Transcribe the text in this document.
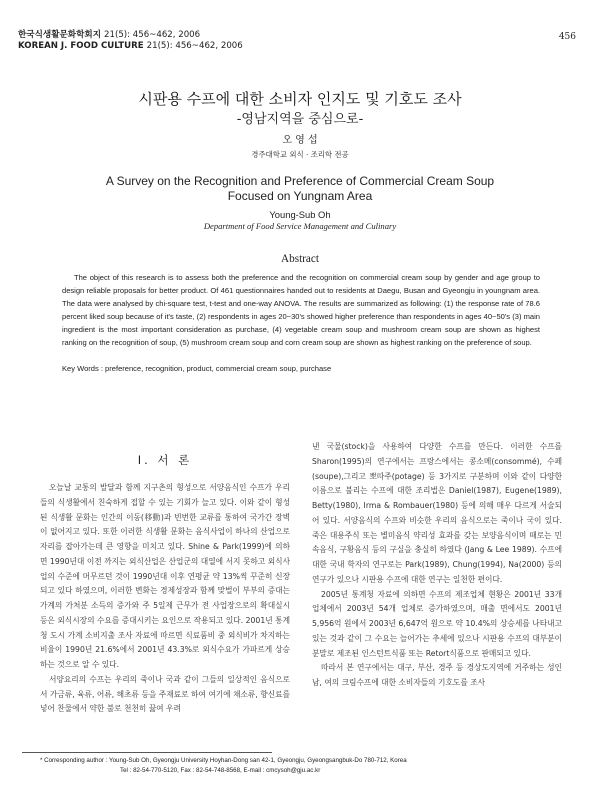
한국식생활문화학회지 21(5): 456~462, 2006
KOREAN J. FOOD CULTURE 21(5): 456~462, 2006
456
시판용 수프에 대한 소비자 인지도 및 기호도 조사
-영남지역을 중심으로-
오 영 섭
경주대학교 외식 · 조리학 전공
A Survey on the Recognition and Preference of Commercial Cream Soup
Focused on Yungnam Area
Young-Sub Oh
Department of Food Service Management and Culinary
Abstract

The object of this research is to assess both the preference and the recognition on commercial cream soup by gender and age group to design reliable proposals for better product. Of 461 questionnaires handed out to residents at Daegu, Busan and Gyeongju in youngnam area. The data were analysed by chi-square test, t-test and one-way ANOVA. The results are summarized as following: (1) the response rate of 78.6 percent liked soup because of it's taste, (2) respondents in ages 20~30's showed higher preference than respondents in ages 40~50's (3) main ingredient is the most important consideration as purchase, (4) vegetable cream soup and mushroom cream soup are shown as highest ranking on the recognition of soup, (5) mushroom cream soup and corn cream soup are shown as highest ranking on the preference of soup.

Key Words : preference, recognition, product, commercial cream soup, purchase
I. 서 론

오늘날 교통의 발달과 함께 지구촌의 형성으로 서양음식인 수프가 우리들의 식생활에서 친숙하게 접할 수 있는 기회가 늘고 있다. 이와 같이 형성된 식생활 문화는 인간의 이동(移動)과 빈번한 교류를 통하여 국가간 장벽이 없어지고 있다. 또한 이러한 식생활 문화는 음식사업이 하나의 산업으로 자리를 잡아가는데 큰 영향을 미치고 있다. Shine & Park(1999)에 의하면 1990년대 이전 까지는 외식산업은 산업군의 대열에 서지 못하고 외식사업의 수준에 머무르던 것이 1990년대 이후 연평균 약 13%씩 꾸준히 신장되고 있다 하였으며, 이러한 변화는 경제성장과 함께 맞벌이 부부의 증대는 가계의 가처분 소득의 증가와 주 5일제 근무가 전 사업장으로의 확대실시 등은 외식시장의 수요를 증대시키는 요인으로 작용되고 있다. 2001년 통계청 도시 가계 소비지출 조사 자료에 따르면 식료품비 중 외식비가 차지하는 비율이 1990년 21.6%에서 2001년 43.3%로 외식수요가 가파르게 상승하는 것으로 알 수 있다.

서양요리의 수프는 우리의 죽이나 국과 같이 그들의 일상적인 음식으로서 가금류, 육류, 어류, 해초류 등을 주재료로 하여 여기에 채소류, 향신료를 넣어 찬물에서 약한 불로 천천히 끓여 우려

낸 국물(stock)을 사용하여 다양한 수프를 만든다. 이러한 수프를 Sharon(1995)의 연구에서는 프랑스에서는 콩소메(consommé), 수페(soupe),그리고 뽀따주(potage) 등 3가지로 구분하며 이와 같이 다양한 이름으로 불리는 수프에 대한 조리법은 Daniel(1987), Eugene(1989), Betty(1980), Irma & Rombauer(1980) 등에 의해 매우 다르게 서술되어 있다. 서양음식의 수프와 비슷한 우리의 음식으로는 죽이나 국이 있다. 죽은 대용주식 또는 별미음식 약리성 효과를 갖는 보양음식이며 때로는 민속음식, 구황음식 등의 구실을 충실히 하였다 (Jang & Lee 1989). 수프에 대한 국내 학자의 연구로는 Park(1989), Chung(1994), Na(2000) 등의 연구가 있으나 시판용 수프에 대한 연구는 일천한 편이다.

2005년 통계청 자료에 의하면 수프의 제조업체 현황은 2001년 33개 업체에서 2003년 54개 업체로 증가하였으며, 매출 면에서도 2001년 5,956억 원에서 2003년 6,647억 원으로 약 10.4%의 상승세를 나타내고 있는 것과 같이 그 수요는 늘어가는 추세에 있으나 시판용 수프의 대부분이 분말로 제조된 인스턴트식품 또는 Retort식품으로 판매되고 있다.

따라서 본 연구에서는 대구, 부산, 경주 등 경상도지역에 거주하는 성인 남, 여의 크림수프에 대한 소비자들의 기호도를 조사

* Corresponding author : Young-Sub Oh, Gyeongju University Hoyhan-Dong san 42-1, Gyeongju, Gyeongsangbuk-Do 780-712, Korea
Tel : 82-54-770-5120, Fax : 82-54-748-8568, E-mail : cmcysoh@gju.ac.kr
